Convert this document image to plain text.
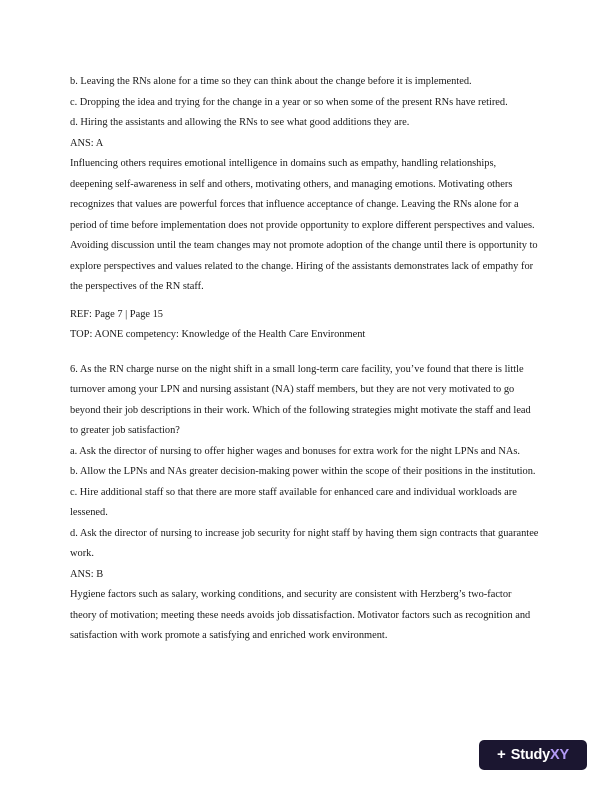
b. Leaving the RNs alone for a time so they can think about the change before it is implemented.

c. Dropping the idea and trying for the change in a year or so when some of the present RNs have retired.

d. Hiring the assistants and allowing the RNs to see what good additions they are.

ANS: A

Influencing others requires emotional intelligence in domains such as empathy, handling relationships, deepening self-awareness in self and others, motivating others, and managing emotions. Motivating others recognizes that values are powerful forces that influence acceptance of change. Leaving the RNs alone for a period of time before implementation does not provide opportunity to explore different perspectives and values. Avoiding discussion until the team changes may not promote adoption of the change until there is opportunity to explore perspectives and values related to the change. Hiring of the assistants demonstrates lack of empathy for the perspectives of the RN staff.

REF: Page 7 | Page 15

TOP: AONE competency: Knowledge of the Health Care Environment

6. As the RN charge nurse on the night shift in a small long-term care facility, you’ve found that there is little turnover among your LPN and nursing assistant (NA) staff members, but they are not very motivated to go beyond their job descriptions in their work. Which of the following strategies might motivate the staff and lead to greater job satisfaction?

a. Ask the director of nursing to offer higher wages and bonuses for extra work for the night LPNs and NAs.

b. Allow the LPNs and NAs greater decision-making power within the scope of their positions in the institution.

c. Hire additional staff so that there are more staff available for enhanced care and individual workloads are lessened.

d. Ask the director of nursing to increase job security for night staff by having them sign contracts that guarantee work.

ANS: B

Hygiene factors such as salary, working conditions, and security are consistent with Herzberg’s two-factor theory of motivation; meeting these needs avoids job dissatisfaction. Motivator factors such as recognition and satisfaction with work promote a satisfying and enriched work environment.

+ StudyXY
